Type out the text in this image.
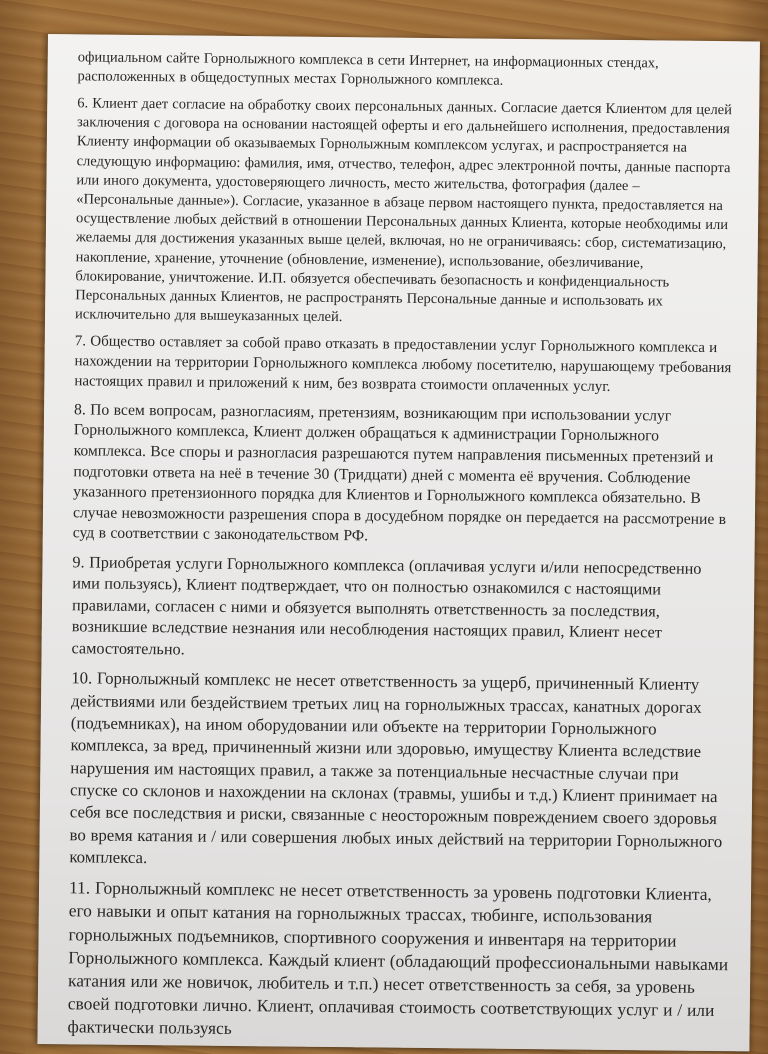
официальном сайте Горнолыжного комплекса в сети Интернет, на информационных стендах, расположенных в общедоступных местах Горнолыжного комплекса.

6. Клиент дает согласие на обработку своих персональных данных. Согласие дается Клиентом для целей заключения с договора на основании настоящей оферты и его дальнейшего исполнения, предоставления Клиенту информации об оказываемых Горнолыжным комплексом услугах, и распространяется на следующую информацию: фамилия, имя, отчество, телефон, адрес электронной почты, данные паспорта или иного документа, удостоверяющего личность, место жительства, фотография (далее – «Персональные данные»). Согласие, указанное в абзаце первом настоящего пункта, предоставляется на осуществление любых действий в отношении Персональных данных Клиента, которые необходимы или желаемы для достижения указанных выше целей, включая, но не ограничиваясь: сбор, систематизацию, накопление, хранение, уточнение (обновление, изменение), использование, обезличивание, блокирование, уничтожение. И.П. обязуется обеспечивать безопасность и конфиденциальность Персональных данных Клиентов, не распространять Персональные данные и использовать их исключительно для вышеуказанных целей.

7. Общество оставляет за собой право отказать в предоставлении услуг Горнолыжного комплекса и нахождении на территории Горнолыжного комплекса любому посетителю, нарушающему требования настоящих правил и приложений к ним, без возврата стоимости оплаченных услуг.

8. По всем вопросам, разногласиям, претензиям, возникающим при использовании услуг Горнолыжного комплекса, Клиент должен обращаться к администрации Горнолыжного комплекса. Все споры и разногласия разрешаются путем направления письменных претензий и подготовки ответа на неё в течение 30 (Тридцати) дней с момента её вручения. Соблюдение указанного претензионного порядка для Клиентов и Горнолыжного комплекса обязательно. В случае невозможности разрешения спора в досудебном порядке он передается на рассмотрение в суд в соответствии с законодательством РФ.

9. Приобретая услуги Горнолыжного комплекса (оплачивая услуги и/или непосредственно ими пользуясь), Клиент подтверждает, что он полностью ознакомился с настоящими правилами, согласен с ними и обязуется выполнять ответственность за последствия, возникшие вследствие незнания или несоблюдения настоящих правил, Клиент несет самостоятельно.

10. Горнолыжный комплекс не несет ответственность за ущерб, причиненный Клиенту действиями или бездействием третьих лиц на горнолыжных трассах, канатных дорогах (подъемниках), на ином оборудовании или объекте на территории Горнолыжного комплекса, за вред, причиненный жизни или здоровью, имуществу Клиента вследствие нарушения им настоящих правил, а также за потенциальные несчастные случаи при спуске со склонов и нахождении на склонах (травмы, ушибы и т.д.) Клиент принимает на себя все последствия и риски, связанные с неосторожным повреждением своего здоровья во время катания и / или совершения любых иных действий на территории Горнолыжного комплекса.

11. Горнолыжный комплекс не несет ответственность за уровень подготовки Клиента, его навыки и опыт катания на горнолыжных трассах, тюбинге, использования горнолыжных подъемников, спортивного сооружения и инвентаря на территории Горнолыжного комплекса. Каждый клиент (обладающий профессиональными навыками катания или же новичок, любитель и т.п.) несет ответственность за себя, за уровень своей подготовки лично. Клиент, оплачивая стоимость соответствующих услуг и / или фактически пользуясь
